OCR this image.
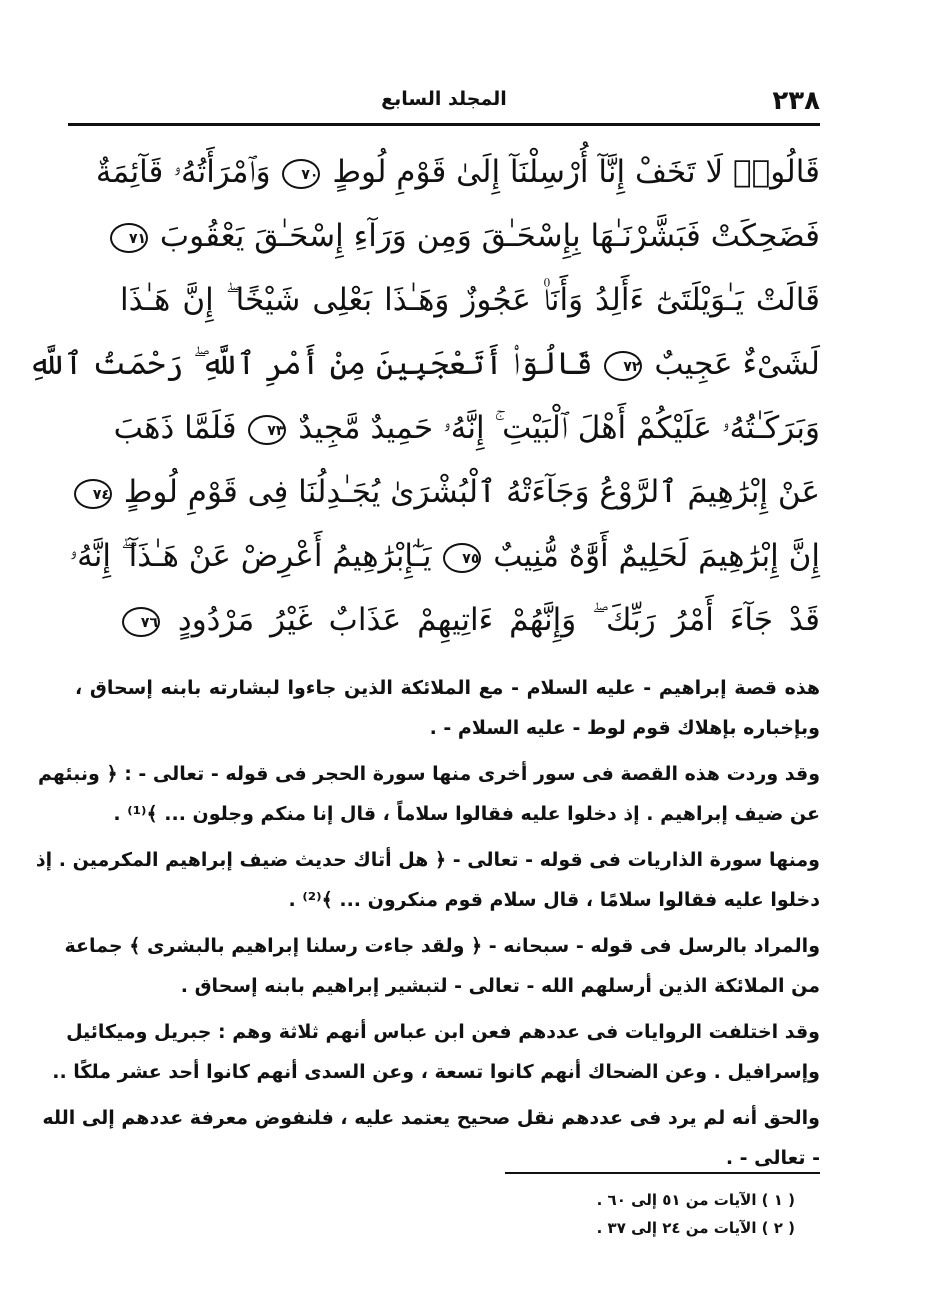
٢٣٨
المجلد السابع
قَالُوا۟ لَا تَخَفْ إِنَّآ أُرْسِلْنَآ إِلَىٰ قَوْمِ لُوطٍ ٧٠ وَٱمْرَأَتُهُۥ قَآئِمَةٌ
فَضَحِكَتْ فَبَشَّرْنَـٰهَا بِإِسْحَـٰقَ وَمِن وَرَآءِ إِسْحَـٰقَ يَعْقُوبَ ٧١
قَالَتْ يَـٰوَيْلَتَىٰٓ ءَأَلِدُ وَأَنَا۠ عَجُوزٌ وَهَـٰذَا بَعْلِى شَيْخًا ۖ إِنَّ هَـٰذَا
لَشَىْءٌ عَجِيبٌ ٧٢ قَالُوٓا۟ أَتَعْجَبِينَ مِنْ أَمْرِ ٱللَّهِ ۖ رَحْمَتُ ٱللَّهِ
وَبَرَكَـٰتُهُۥ عَلَيْكُمْ أَهْلَ ٱلْبَيْتِ ۚ إِنَّهُۥ حَمِيدٌ مَّجِيدٌ ٧٣ فَلَمَّا ذَهَبَ
عَنْ إِبْرَٰهِيمَ ٱلرَّوْعُ وَجَآءَتْهُ ٱلْبُشْرَىٰ يُجَـٰدِلُنَا فِى قَوْمِ لُوطٍ ٧٤
إِنَّ إِبْرَٰهِيمَ لَحَلِيمٌ أَوَّٰهٌ مُّنِيبٌ ٧٥ يَـٰٓإِبْرَٰهِيمُ أَعْرِضْ عَنْ هَـٰذَآ ۖ إِنَّهُۥ
قَدْ جَآءَ أَمْرُ رَبِّكَ ۖ وَإِنَّهُمْ ءَاتِيهِمْ عَذَابٌ غَيْرُ مَرْدُودٍ ٧٦
هذه قصة إبراهيم - عليه السلام - مع الملائكة الذين جاءوا لبشارته بابنه إسحاق ،
وبإخباره بإهلاك قوم لوط - عليه السلام - .
وقد وردت هذه القصة فى سور أخرى منها سورة الحجر فى قوله - تعالى - : ﴿ ونبئهم
عن ضيف إبراهيم . إذ دخلوا عليه فقالوا سلاماً ، قال إنا منكم وجلون ... ﴾⁽¹⁾ .
ومنها سورة الذاريات فى قوله - تعالى - ﴿ هل أتاك حديث ضيف إبراهيم المكرمين . إذ
دخلوا عليه فقالوا سلامًا ، قال سلام قوم منكرون ... ﴾⁽²⁾ .
والمراد بالرسل فى قوله - سبحانه - ﴿ ولقد جاءت رسلنا إبراهيم بالبشرى ﴾ جماعة
من الملائكة الذين أرسلهم الله - تعالى - لتبشير إبراهيم بابنه إسحاق .
وقد اختلفت الروايات فى عددهم فعن ابن عباس أنهم ثلاثة وهم : جبريل وميكائيل
وإسرافيل . وعن الضحاك أنهم كانوا تسعة ، وعن السدى أنهم كانوا أحد عشر ملكًا ..
والحق أنه لم يرد فى عددهم نقل صحيح يعتمد عليه ، فلنفوض معرفة عددهم إلى الله
- تعالى - .
( ١ ) الآيات من ٥١ إلى ٦٠ .
( ٢ ) الآيات من ٢٤ إلى ٣٧ .
